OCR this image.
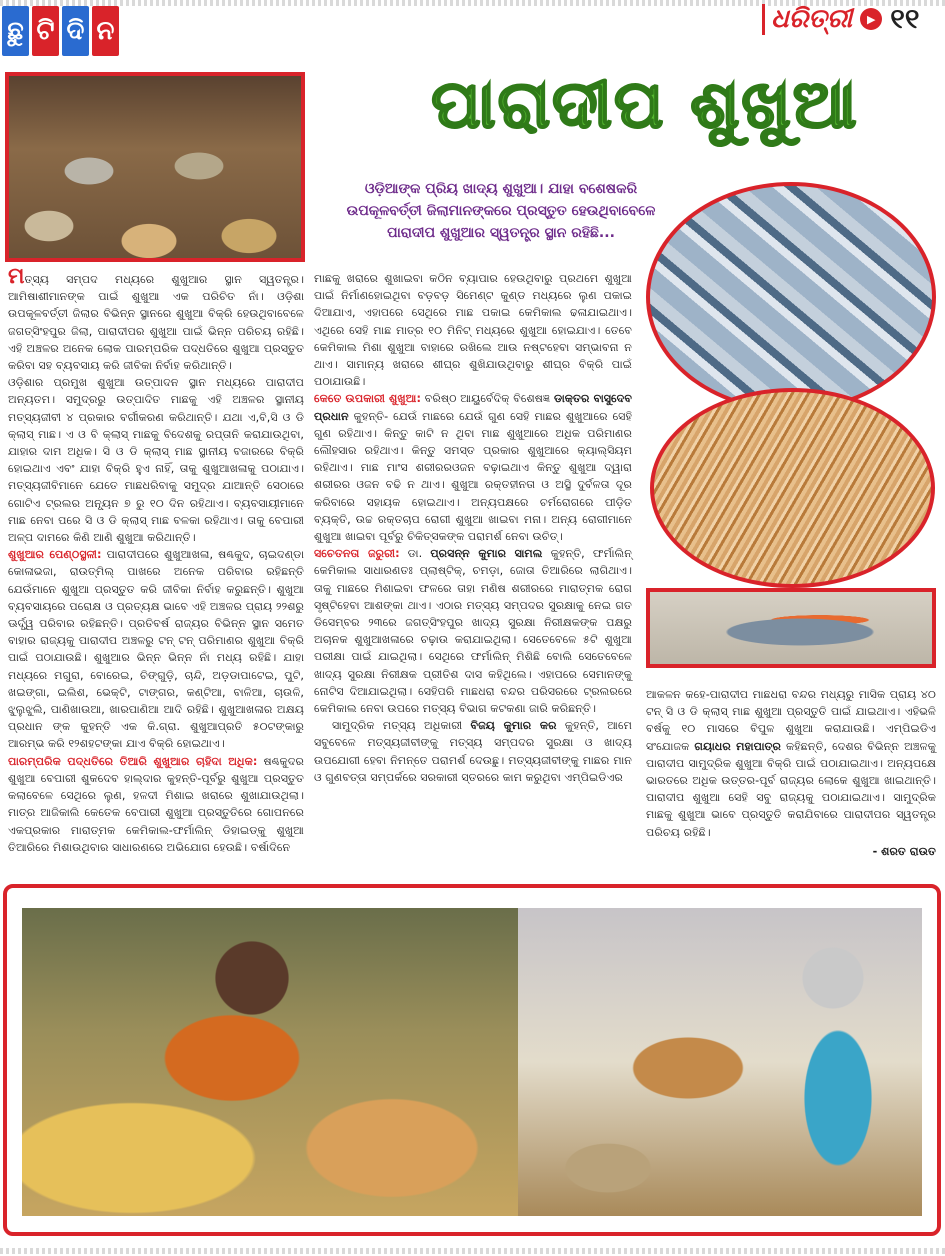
ଛୁ ଟି ଦି ନ	ଧରିତ୍ରୀ	▶ ୧୧
ପାରାଦୀପ ଶୁଖୁଆ
ଓଡ଼ିଆଙ୍କ ପ୍ରିୟ ଖାଦ୍ୟ ଶୁଖୁଆ। ଯାହା ବଶେଷକରି ଉପକୂଳବର୍ତ୍ତୀ ଜିଲାମାନଙ୍କରେ ପ୍ରସ୍ତୁତ ହେଉଥିବାବେଳେ ପାରାଦୀପ ଶୁଖୁଆର ସ୍ୱତନ୍ତ୍ର ସ୍ଥାନ ରହିଛି...

ମତ୍ସ୍ୟ ସମ୍ପଦ ମଧ୍ୟରେ ଶୁଖୁଆର ସ୍ଥାନ ସ୍ୱତନ୍ତ୍ର। ଆମିଷାଶୀମାନଙ୍କ ପାଇଁ ଶୁଖୁଆ ଏକ ପରିଚିତ ନାଁ। ଓଡ଼ିଶା ଉପକୂଳବର୍ତ୍ତୀ ଜିଲାର ବିଭିନ୍ନ ସ୍ଥାନରେ ଶୁଖୁଆ ବିକ୍ରି ହେଉଥିବାବେଳେ ଜଗତ୍‌ସିଂହପୁର ଜିଲା, ପାରାଦୀପର ଶୁଖୁଆ ପାଇଁ ଭିନ୍ନ ପରିଚୟ ରହିଛି। ଏହି ଅଞ୍ଚଳର ଅନେକ ଲୋକ ପାରମ୍ପରିକ ପଦ୍ଧତିରେ ଶୁଖୁଆ ପ୍ରସ୍ତୁତ କରିବା ସହ ବ୍ୟବସାୟ କରି ଜୀବିକା ନିର୍ବାହ କରିଥାନ୍ତି।

ଓଡ଼ିଶାର ପ୍ରମୁଖ ଶୁଖୁଆ ଉତ୍ପାଦନ ସ୍ଥାନ ମଧ୍ୟରେ ପାରାଦୀପ ଅନ୍ୟତମ। ସମୁଦ୍ରରୁ ଉତ୍ପାଦିତ ମାଛକୁ ଏହି ଅଞ୍ଚଳର ସ୍ଥାନୀୟ ମତ୍ସ୍ୟଜୀବୀ ୪ ପ୍ରକାର ବର୍ଗୀକରଣ କରିଥାନ୍ତି। ଯଥା ଏ,ବି,ସି ଓ ଡି କ୍ଲାସ୍‌ ମାଛ। ଏ ଓ ବି କ୍ଲାସ୍‌ ମାଛକୁ ବିଦେଶକୁ ରପ୍ତାନି କରାଯାଉଥିବା, ଯାହାର ଦାମ ଅଧିକ। ସି ଓ ଡି କ୍ଲାସ୍‌ ମାଛ ସ୍ଥାନୀୟ ବଜାରରେ ବିକ୍ରି ହୋଇଥାଏ ଏବଂ ଯାହା ବିକ୍ରି ହୁଏ ନାହିଁ, ତାକୁ ଶୁଖୁଆଖଳାକୁ ପଠାଯାଏ। ମତ୍ସ୍ୟଜୀବିମାନେ ଯେତେ ମାଛଧରିବାକୁ ସମୁଦ୍ର ଯାଆନ୍ତି ସେଠାରେ ଗୋଟିଏ ଟ୍ରଲର ଅନ୍ୟୂନ ୭ ରୁ ୧୦ ଦିନ ରହିଥାଏ। ବ୍ୟବସାୟୀମାନେ ମାଛ ନେବା ପରେ ସି ଓ ଡି କ୍ଲାସ୍‌ ମାଛ ବଳକା ରହିଥାଏ। ତାକୁ ବେପାରୀ ଅଳ୍ପ ଦାମରେ କିଣି ଆଣି ଶୁଖୁଆ କରିଥାନ୍ତି।

ଶୁଖୁଆର ପେଣ୍ଠସ୍ଥଳୀ: ପାରାଦୀପରେ ଶୁଖୁଆଖଳା, ଷଣ୍ଢକୁଦ, ଚାଇଦଣ୍ଡା କୋଳାଭଜା, ରାଉତ୍‌ମିଲ୍ ପାଖରେ ଅନେକ ପରିବାର ରହିଛନ୍ତି ଯେଉଁମାନେ ଶୁଖୁଆ ପ୍ରସ୍ତୁତ କରି ଜୀବିକା ନିର୍ବାହ କରୁଛନ୍ତି। ଶୁଖୁଆ ବ୍ୟବସାୟରେ ପରୋକ୍ଷ ଓ ପ୍ରତ୍ୟକ୍ଷ ଭାବେ ଏହି ଅଞ୍ଚଳର ପ୍ରାୟ ୨୨ଶରୁ ଊର୍ଦ୍ଧ୍ୱ ପରିବାର ରହିଛନ୍ତି। ପ୍ରତିବର୍ଷ ରାଜ୍ୟର ବିଭିନ୍ନ ସ୍ଥାନ ସମେତ ବାହାର ରାଜ୍ୟକୁ ପାରାଦୀପ ଅଞ୍ଚଳରୁ ଟନ୍ ଟନ୍ ପରିମାଣର ଶୁଖୁଆ ବିକ୍ରି ପାଇଁ ପଠାଯାଉଛି। ଶୁଖୁଆର ଭିନ୍ନ ଭିନ୍ନ ନାଁ ମଧ୍ୟ ରହିଛି। ଯାହା ମଧ୍ୟରେ ମଗୁରା, ବୋରେଇ, ଚିଙ୍ଗୁଡ଼ି, ଚାନ୍ଦି, ଅଡ଼ଡାପାଟେଇ, ପୁଟି, ଖଇଙ୍ଗା, ଇଲିଶ, ଭେକ୍ଟି, ଟାଙ୍ଗର, କଣ୍ଟିଆ, ବାଳିଆ, ଚାଉଳି, ଝୁଲୁଝୁଲି, ପାଣିଖାଉଆ, ଖାରପାଣିଆ ଆଦି ରହିଛି। ଶୁଖୁଆଖଳାର ଅକ୍ଷୟ ପ୍ରଧାନ ଙ୍କ କୁହନ୍ତି ଏକ କି.ଗ୍ରା. ଶୁଖୁଆପ୍ରତି ୫୦ଟଙ୍କାରୁ ଆରମ୍ଭ କରି ୧୨ଶହଟଙ୍କା ଯାଏ ବିକ୍ରି ହୋଇଥାଏ।

ପାରମ୍ପରିକ ପଦ୍ଧତିରେ ତିଆରି ଶୁଖୁଆର ଚାହିଦା ଅଧିକ: ଷଣ୍ଢକୁଦର ଶୁଖୁଆ ବେପାରୀ ଶୁକଦେବ ହାଲ୍‌ଦାର କୁହନ୍ତି-ପୂର୍ବରୁ ଶୁଖୁଆ ପ୍ରସ୍ତୁତ କଲାବେଳେ ସେଥିରେ ଲୁଣ, ହଳଦୀ ମିଶାଇ ଖରାରେ ଶୁଖାଯାଉଥିଲା। ମାତ୍ର ଆଜିକାଲି କେତେକ ବେପାରୀ ଶୁଖୁଆ ପ୍ରସ୍ତୁତିରେ ଗୋପନରେ ଏକପ୍ରକାର ମାରାତ୍ମକ କେମିକାଲ-ଫର୍ମାଲିନ୍ ଡିହାଇଡ୍‌କୁ ଶୁଖୁଆ ତିଆରିରେ ମିଶାଉଥିବାର ସାଧାରଣରେ ଅଭିଯୋଗ ହେଉଛି। ବର୍ଷାଦିନେ

ମାଛକୁ ଖରାରେ ଶୁଖାଇବା କଠିନ ବ୍ୟାପାର ହେଉଥିବାରୁ ପ୍ରଥମେ ଶୁଖୁଆ ପାଇଁ ନିର୍ମାଣହୋଇଥିବା ବଡ଼ବଡ଼ ସିମେଣ୍ଟ କୁଣ୍ଡ ମଧ୍ୟରେ ଲୁଣ ପକାଇ ଦିଆଯାଏ, ଏହାପରେ ସେଥିରେ ମାଛ ପକାଇ କେମିକାଲ ଢଳାଯାଇଥାଏ। ଏଥିରେ ସେହି ମାଛ ମାତ୍ର ୧୦ ମିନିଟ୍ ମଧ୍ୟରେ ଶୁଖୁଆ ହୋଇଯାଏ। ତେବେ କେମିକାଲ ମିଶା ଶୁଖୁଆ ବାହାରେ ରଖିଲେ ଆଉ ନଷ୍ଟହେବା ସମ୍ଭାବନା ନ ଥାଏ। ସାମାନ୍ୟ ଖରାରେ ଶୀଘ୍ର ଶୁଖିଯାଉଥିବାରୁ ଶୀଘ୍ର ବିକ୍ରି ପାଇଁ ପଠାଯାଉଛି।

କେତେ ଉପକାରୀ ଶୁଖୁଆ: ବରିଷ୍ଠ ଆୟୁର୍ବେଦିକ୍ ବିଶେଷଜ୍ଞ ଡାକ୍ତର ବାସୁଦେବ ପ୍ରଧାନ କୁହନ୍ତି- ଯେଉଁ ମାଛରେ ଯେଉଁ ଗୁଣ ସେହି ମାଛର ଶୁଖୁଆରେ ସେହି ଗୁଣ ରହିଥାଏ। କିନ୍ତୁ କାଟି ନ ଥିବା ମାଛ ଶୁଖୁଆରେ ଅଧିକ ପରିମାଣର ଲୌହସାର ରହିଥାଏ। କିନ୍ତୁ ସମସ୍ତ ପ୍ରକାର ଶୁଖୁଆରେ କ୍ୟାଲ୍‌ସିୟମ ରହିଥାଏ। ମାଛ ମାଂସ ଶରୀରରଓଜନ ବଢ଼ାଇଥାଏ କିନ୍ତୁ ଶୁଖୁଆ ଦ୍ୱାରା ଶରୀରର ଓଜନ ବଢି ନ ଥାଏ। ଶୁଖୁଆ ରକ୍ତହୀନତା ଓ ଅସ୍ଥି ଦୁର୍ବଳତା ଦୂର କରିବାରେ ସହାୟକ ହୋଇଥାଏ। ଅନ୍ୟପକ୍ଷରେ ଚର୍ମରୋଗରେ ପୀଡ଼ିତ ବ୍ୟକ୍ତି, ଉଚ୍ଚ ରକ୍ତଚାପ ରୋଗୀ ଶୁଖୁଆ ଖାଇବା ମନା। ଅନ୍ୟ ରୋଗୀମାନେ ଶୁଖୁଆ ଖାଇବା ପୂର୍ବରୁ ଚିକିତ୍ସକଙ୍କ ପରାମର୍ଶ ନେବା ଉଚିତ୍।

ସଚେତନତା ଜରୁରୀ: ଡା. ପ୍ରସନ୍ନ କୁମାର ସାମଲ କୁହନ୍ତି, ଫର୍ମାଲିନ୍ କେମିକାଲ ସାଧାରଣତଃ ପ୍ଲାଷ୍ଟିକ୍, ଚମଡ଼ା, ଜୋତା ତିଆରିରେ ଲାଗିଥାଏ। ତାକୁ ମାଛରେ ମିଶାଇବା ଫଳରେ ତାହା ମଣିଷ ଶରୀରରେ ମାରାତ୍ମକ ରୋଗ ସୃଷ୍ଟିହେବା ଆଶଙ୍କା ଥାଏ। ଏଠାର ମତ୍ସ୍ୟ ସମ୍ପଦର ସୁରକ୍ଷାକୁ ନେଇ ଗତ ଡିସେମ୍ବର ୨୩ରେ ଜଗତ୍‌ସିଂହପୁର ଖାଦ୍ୟ ସୁରକ୍ଷା ନିରୀକ୍ଷକଙ୍କ ପକ୍ଷରୁ ଅଚାନକ ଶୁଖୁଆଖଳାରେ ଚଢ଼ାଉ କରାଯାଇଥିଲା। ସେତେବେଳେ ୫ଟି ଶୁଖୁଆ ପରୀକ୍ଷା ପାଇଁ ଯାଇଥିଲା। ସେଥିରେ ଫର୍ମାଲିନ୍ ମିଶିଛି ବୋଲି ସେତେବେଳେ ଖାଦ୍ୟ ସୁରକ୍ଷା ନିରୀକ୍ଷକ ପ୍ରୀତିଶ ଦାସ କହିଥିଲେ। ଏହାପରେ ସେମାନଙ୍କୁ ନୋଟିସ ଦିଆଯାଇଥିଲା। ସେହିପରି ମାଛଧରା ବନ୍ଦର ପରିସରରେ ଟ୍ରଲରରେ କେମିକାଲ ନେବା ଉପରେ ମତ୍ସ୍ୟ ବିଭାଗ କଟକଣା ଜାରି କରିଛନ୍ତି।

ସାମୁଦ୍ରିକ ମତ୍ସ୍ୟ ଅଧିକାରୀ ବିଜୟ କୁମାର କର କୁହନ୍ତି, ଆମେ ସବୁବେଳେ ମତ୍ସ୍ୟଜୀବୀଙ୍କୁ ମତ୍ସ୍ୟ ସମ୍ପଦର ସୁରକ୍ଷା ଓ ଖାଦ୍ୟ ଉପଯୋଗୀ ହେବା ନିମନ୍ତେ ପରାମର୍ଶ ଦେଉଛୁ। ମତ୍ସ୍ୟଜୀବୀଙ୍କୁ ମାଛର ମାନ ଓ ଗୁଣବତ୍ତା ସମ୍ପର୍କରେ ସରକାରୀ ସ୍ତରରେ କାମ କରୁଥିବା ଏମ୍‌ପିଇଡିଏର

ଆକଳନ କହେ-ପାରାଦୀପ ମାଛଧରା ବନ୍ଦର ମଧ୍ୟରୁ ମାସିକ ପ୍ରାୟ ୪୦ ଟନ୍ ସି ଓ ଡି କ୍ଲାସ୍‌ ମାଛ ଶୁଖୁଆ ପ୍ରସ୍ତୁତି ପାଇଁ ଯାଇଥାଏ। ଏହିଭଳି ବର୍ଷକୁ ୧୦ ମାସରେ ବିପୁଳ ଶୁଖୁଆ କରାଯାଉଛି। ଏମ୍‌ପିଇଡିଏ ସଂଯୋଜକ ଗୟାଧର ମହାପାତ୍ର କହିଛନ୍ତି, ଦେଶର ବିଭିନ୍ନ ଅଞ୍ଚଳକୁ ପାରାଦୀପ ସାମୁଦ୍ରିକ ଶୁଖୁଆ ବିକ୍ରି ପାଇଁ ପଠାଯାଇଥାଏ। ଅନ୍ୟପକ୍ଷେ ଭାରତରେ ଅଧିକ ଉତ୍ତର-ପୂର୍ବ ରାଜ୍ୟର ଲୋକେ ଶୁଖୁଆ ଖାଇଥାନ୍ତି। ପାରାଦୀପ ଶୁଖୁଆ ସେହି ସବୁ ରାଜ୍ୟକୁ ପଠାଯାଇଥାଏ। ସାମୁଦ୍ରିକ ମାଛକୁ ଶୁଖୁଆ ଭାବେ ପ୍ରସ୍ତୁତି କରାଯିବାରେ ପାରାଦୀପର ସ୍ୱତନ୍ତ୍ର ପରିଚୟ ରହିଛି।

- ଶରତ ରାଉତ
